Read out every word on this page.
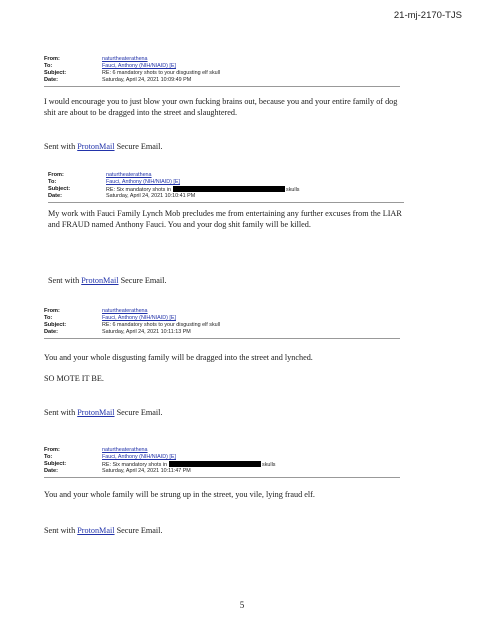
21-mj-2170-TJS
From:	naturtheaterathena
To:	Fauci, Anthony (NIH/NIAID) [E]
Subject:	RE: 6 mandatory shots to your disgusting elf skull
Date:	Saturday, April 24, 2021 10:09:49 PM

I would encourage you to just blow your own fucking brains out, because you and your entire family of dog shit are about to be dragged into the street and slaughtered.

Sent with ProtonMail Secure Email.

From:	naturtheaterathena
To:	Fauci, Anthony (NIH/NIAID) [E]
Subject:	RE: Six mandatory shots in	skulls
Date:	Saturday, April 24, 2021 10:10:41 PM

My work with Fauci Family Lynch Mob precludes me from entertaining any further excuses from the LIAR and FRAUD named Anthony Fauci. You and your dog shit family will be killed.

Sent with ProtonMail Secure Email.

From:	naturtheaterathena
To:	Fauci, Anthony (NIH/NIAID) [E]
Subject:	RE: 6 mandatory shots to your disgusting elf skull
Date:	Saturday, April 24, 2021 10:11:13 PM

You and your whole disgusting family will be dragged into the street and lynched.

SO MOTE IT BE.

Sent with ProtonMail Secure Email.

From:	naturtheaterathena
To:	Fauci, Anthony (NIH/NIAID) [E]
Subject:	RE: Six mandatory shots in	skulls
Date:	Saturday, April 24, 2021 10:11:47 PM

You and your whole family will be strung up in the street, you vile, lying fraud elf.

Sent with ProtonMail Secure Email.

5
